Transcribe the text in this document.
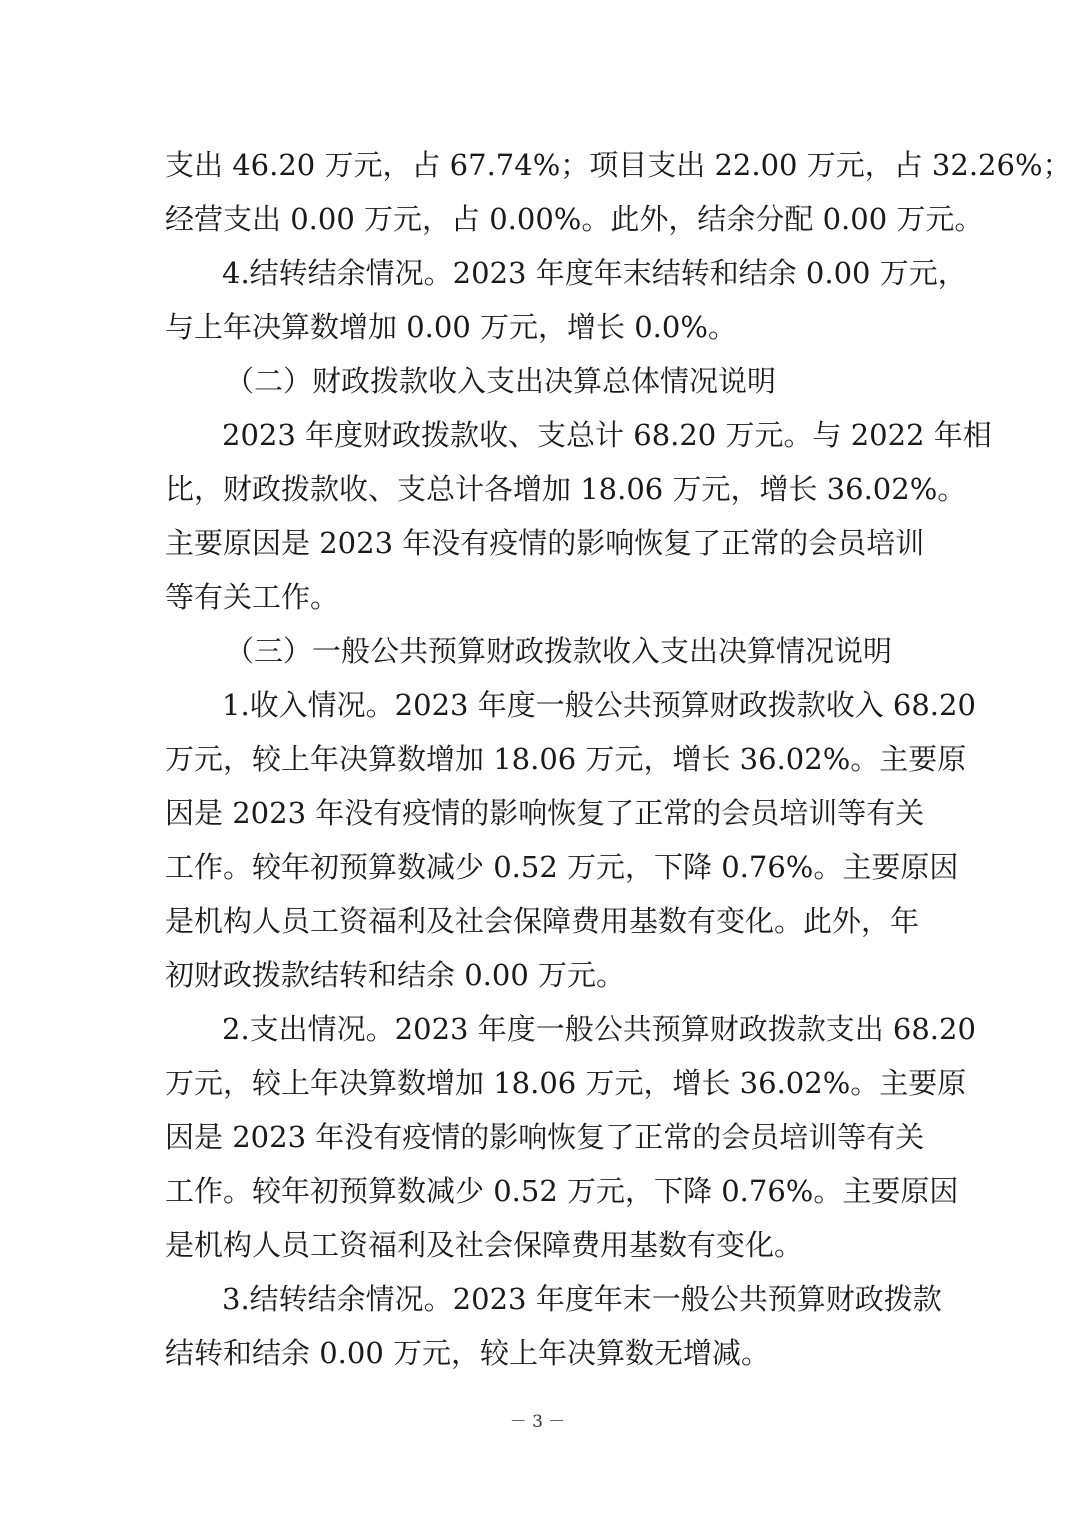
支出 46.20 万元，占 67.74%；项目支出 22.00 万元，占 32.26%；
经营支出 0.00 万元，占 0.00%。此外，结余分配 0.00 万元。
4.结转结余情况。2023 年度年末结转和结余 0.00 万元，
与上年决算数增加 0.00 万元，增长 0.0%。
（二）财政拨款收入支出决算总体情况说明
2023 年度财政拨款收、支总计 68.20 万元。与 2022 年相
比，财政拨款收、支总计各增加 18.06 万元，增长 36.02%。
主要原因是 2023 年没有疫情的影响恢复了正常的会员培训
等有关工作。
（三）一般公共预算财政拨款收入支出决算情况说明
1.收入情况。2023 年度一般公共预算财政拨款收入 68.20
万元，较上年决算数增加 18.06 万元，增长 36.02%。主要原
因是 2023 年没有疫情的影响恢复了正常的会员培训等有关
工作。较年初预算数减少 0.52 万元，下降 0.76%。主要原因
是机构人员工资福利及社会保障费用基数有变化。此外，年
初财政拨款结转和结余 0.00 万元。
2.支出情况。2023 年度一般公共预算财政拨款支出 68.20
万元，较上年决算数增加 18.06 万元，增长 36.02%。主要原
因是 2023 年没有疫情的影响恢复了正常的会员培训等有关
工作。较年初预算数减少 0.52 万元，下降 0.76%。主要原因
是机构人员工资福利及社会保障费用基数有变化。
3.结转结余情况。2023 年度年末一般公共预算财政拨款
结转和结余 0.00 万元，较上年决算数无增减。
－ 3 －
